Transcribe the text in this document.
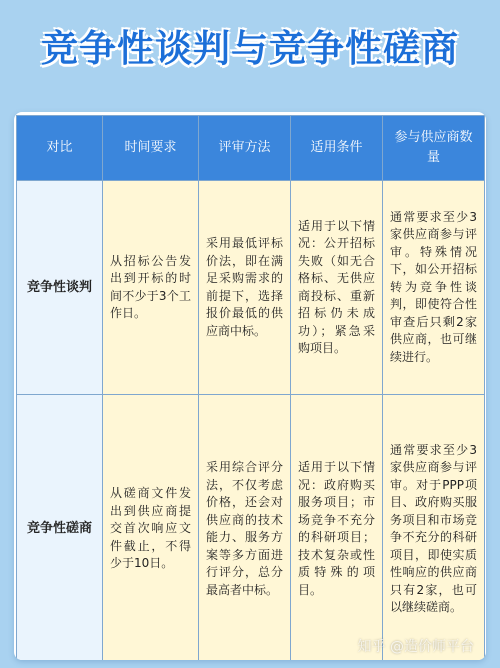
竞争性谈判与竞争性磋商
对比	时间要求	评审方法	适用条件	参与供应商数量
竞争性谈判	从招标公告发出到开标的时间不少于3个工作日。	采用最低评标价法，即在满足采购需求的前提下，选择报价最低的供应商中标。	适用于以下情况：公开招标失败（如无合格标、无供应商投标、重新招标仍未成功）；紧急采购项目。	通常要求至少3家供应商参与评审。特殊情况下，如公开招标转为竞争性谈判，即使符合性审查后只剩2家供应商，也可继续进行。
竞争性磋商	从磋商文件发出到供应商提交首次响应文件截止，不得少于10日。	采用综合评分法，不仅考虑价格，还会对供应商的技术能力、服务方案等多方面进行评分，总分最高者中标。	适用于以下情况：政府购买服务项目；市场竞争不充分的科研项目；技术复杂或性质特殊的项目。	通常要求至少3家供应商参与评审。对于PPP项目、政府购买服务项目和市场竞争不充分的科研项目，即使实质性响应的供应商只有2家，也可以继续磋商。
知乎 @造价师平台
